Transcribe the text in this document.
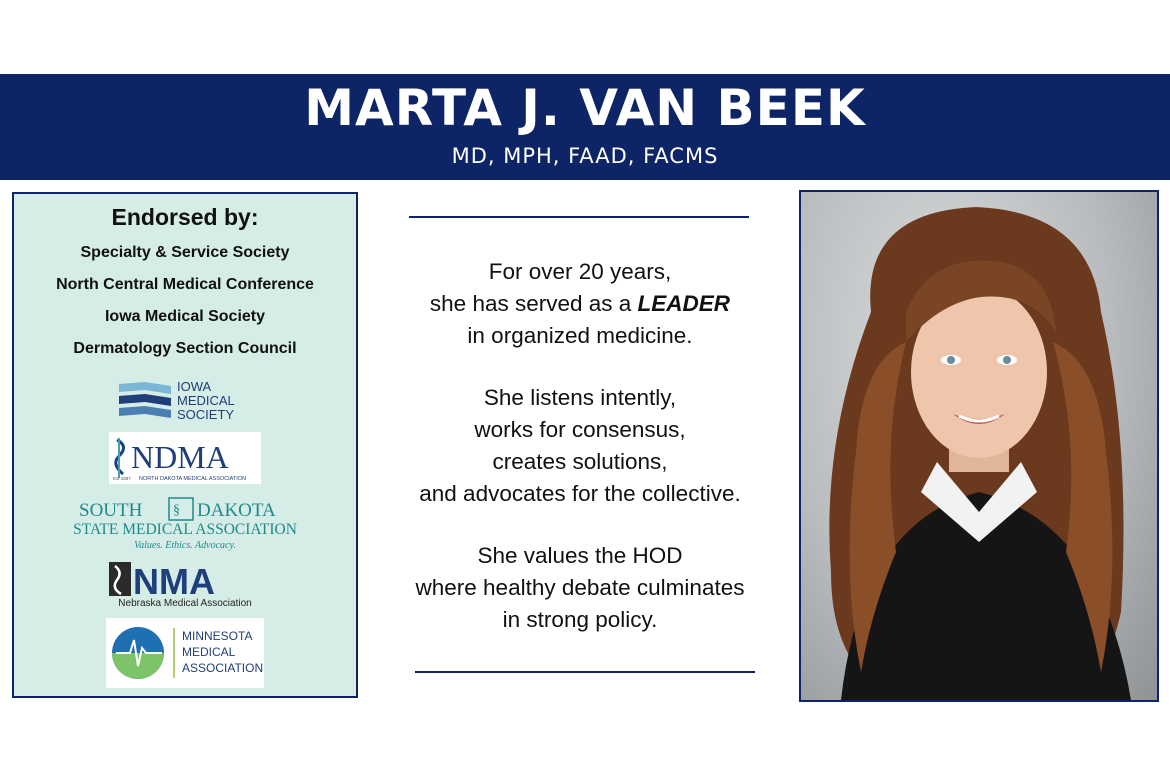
MARTA J. VAN BEEK
MD, MPH, FAAD, FACMS
Endorsed by:
Specialty & Service Society
North Central Medical Conference
Iowa Medical Society
Dermatology Section Council
IOWA
MEDICAL
SOCIETY
NDMA
Est 1887 NORTH DAKOTA MEDICAL ASSOCIATION
SOUTH § DAKOTA
STATE MEDICAL ASSOCIATION
Values. Ethics. Advocacy.
NMA
Nebraska Medical Association
MINNESOTA
MEDICAL
ASSOCIATION

For over 20 years,
she has served as a LEADER
in organized medicine.

She listens intently,
works for consensus,
creates solutions,
and advocates for the collective.

She values the HOD
where healthy debate culminates
in strong policy.
